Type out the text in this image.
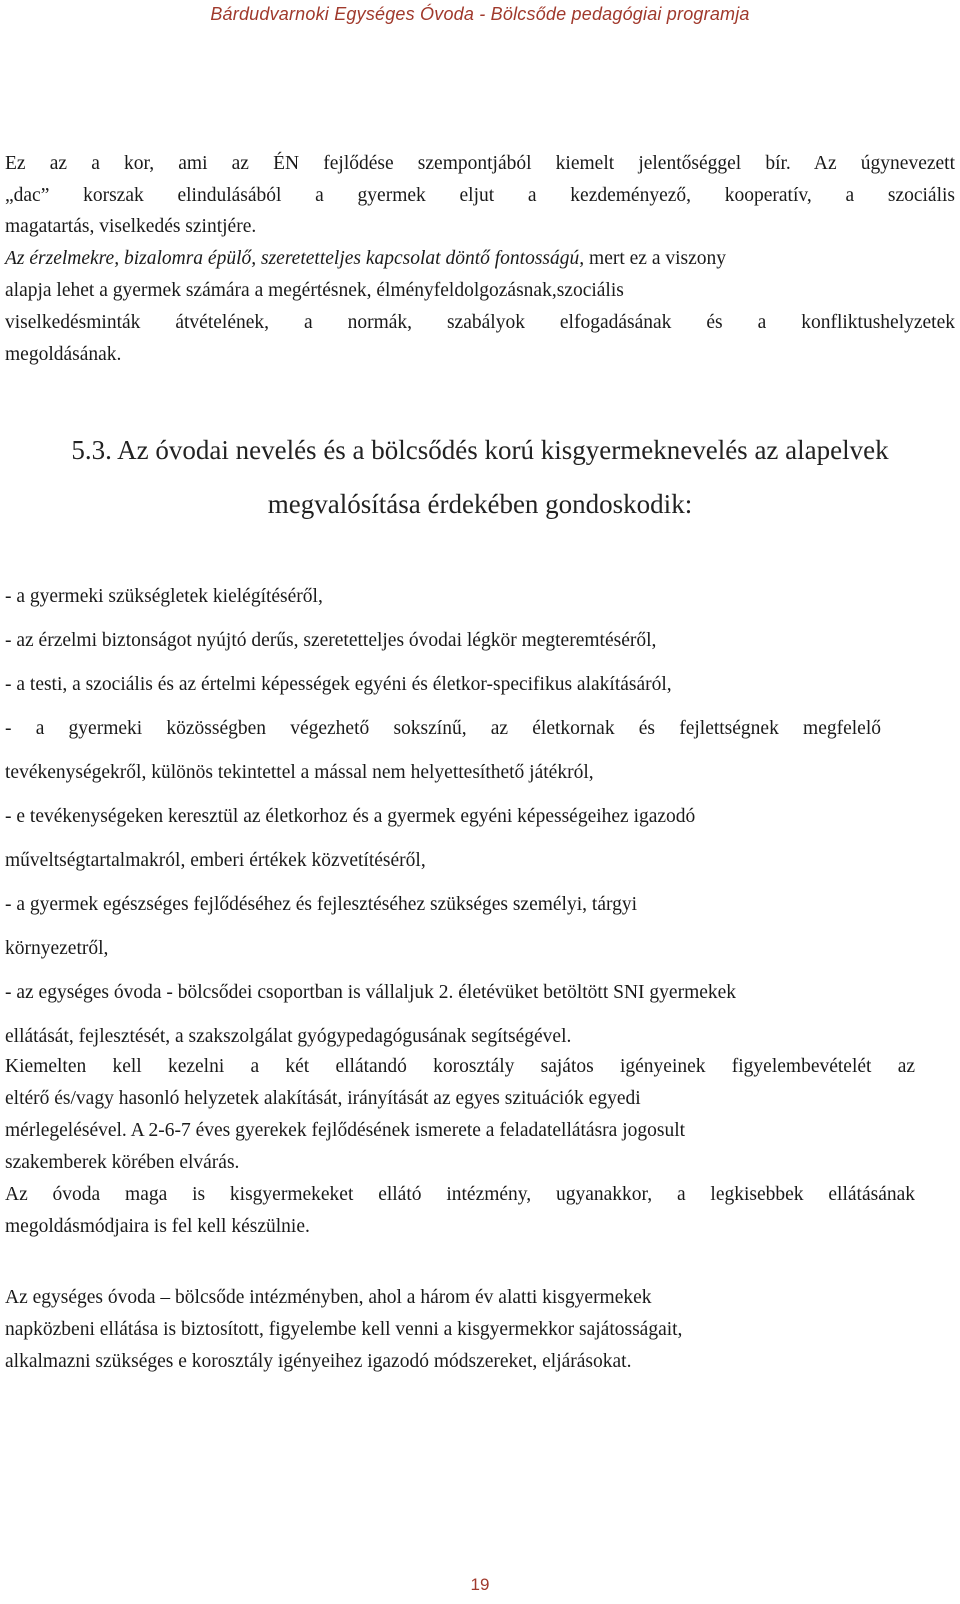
Bárdudvarnoki Egységes Óvoda - Bölcsőde pedagógiai programja
Ez az a kor, ami az ÉN fejlődése szempontjából kiemelt jelentőséggel bír. Az úgynevezett
„dac” korszak elindulásából a gyermek eljut a kezdeményező, kooperatív, a szociális
magatartás, viselkedés szintjére.
Az érzelmekre, bizalomra épülő, szeretetteljes kapcsolat döntő fontosságú, mert ez a viszony
alapja lehet a gyermek számára a megértésnek, élményfeldolgozásnak,szociális
viselkedésminták átvételének, a normák, szabályok elfogadásának és a konfliktushelyzetek
megoldásának.
5.3. Az óvodai nevelés és a bölcsődés korú kisgyermeknevelés az alapelvek
megvalósítása érdekében gondoskodik:
- a gyermeki szükségletek kielégítéséről,
- az érzelmi biztonságot nyújtó derűs, szeretetteljes óvodai légkör megteremtéséről,
- a testi, a szociális és az értelmi képességek egyéni és életkor-specifikus alakításáról,
- a gyermeki közösségben végezhető sokszínű, az életkornak és fejlettségnek megfelelő
tevékenységekről, különös tekintettel a mással nem helyettesíthető játékról,
- e tevékenységeken keresztül az életkorhoz és a gyermek egyéni képességeihez igazodó
műveltségtartalmakról, emberi értékek közvetítéséről,
- a gyermek egészséges fejlődéséhez és fejlesztéséhez szükséges személyi, tárgyi
környezetről,
- az egységes óvoda - bölcsődei csoportban is vállaljuk 2. életévüket betöltött SNI gyermekek
ellátását, fejlesztését, a szakszolgálat gyógypedagógusának segítségével.
Kiemelten kell kezelni a két ellátandó korosztály sajátos igényeinek figyelembevételét az
eltérő és/vagy hasonló helyzetek alakítását, irányítását az egyes szituációk egyedi
mérlegelésével. A 2-6-7 éves gyerekek fejlődésének ismerete a feladatellátásra jogosult
szakemberek körében elvárás.
Az óvoda maga is kisgyermekeket ellátó intézmény, ugyanakkor, a legkisebbek ellátásának
megoldásmódjaira is fel kell készülnie.
Az egységes óvoda – bölcsőde intézményben, ahol a három év alatti kisgyermekek
napközbeni ellátása is biztosított, figyelembe kell venni a kisgyermekkor sajátosságait,
alkalmazni szükséges e korosztály igényeihez igazodó módszereket, eljárásokat.
19
